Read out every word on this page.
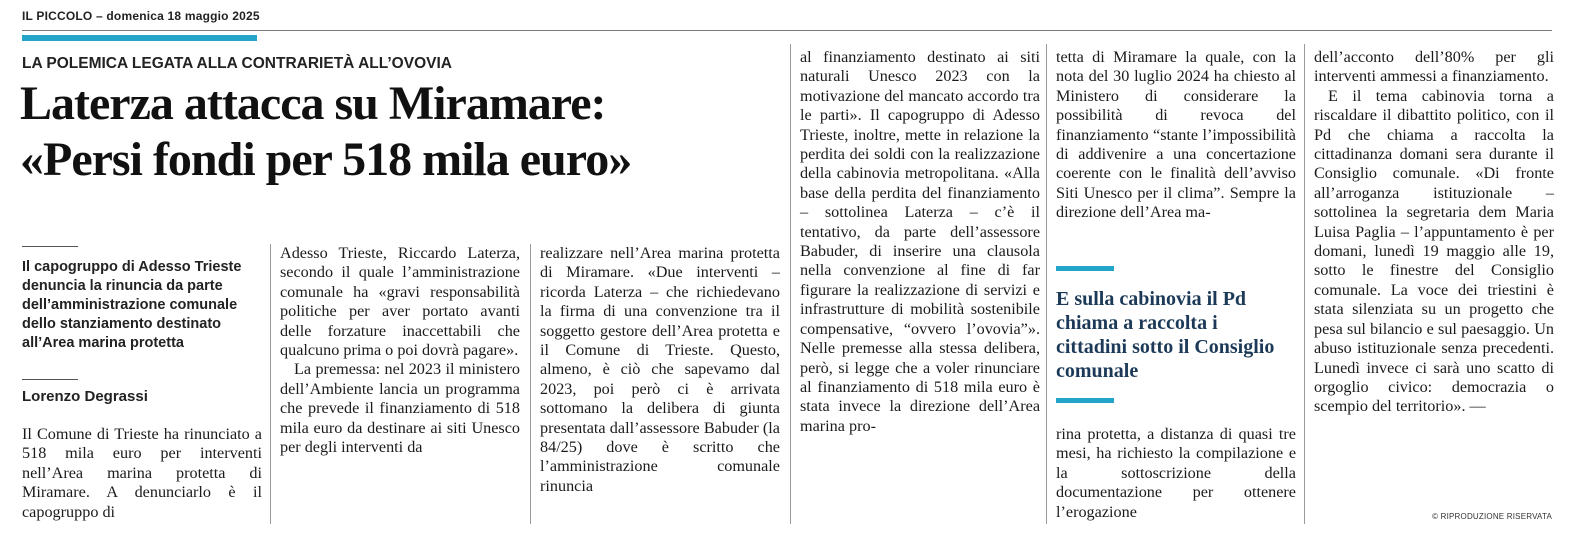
IL PICCOLO – domenica 18 maggio 2025
LA POLEMICA LEGATA ALLA CONTRARIETÀ ALL’OVOVIA
Laterza attacca su Miramare:
«Persi fondi per 518 mila euro»
Il capogruppo di Adesso Trieste denuncia la rinuncia da parte dell’amministrazione comunale dello stanziamento destinato all’Area marina protetta
Lorenzo Degrassi

Il Comune di Trieste ha rinunciato a 518 mila euro per interventi nell’Area marina protetta di Miramare. A denunciarlo è il capogruppo di

Adesso Trieste, Riccardo Laterza, secondo il quale l’amministrazione comunale ha «gravi responsabilità politiche per aver portato avanti delle forzature inaccettabili che qualcuno prima o poi dovrà pagare».

La premessa: nel 2023 il ministero dell’Ambiente lancia un programma che prevede il finanziamento di 518 mila euro da destinare ai siti Unesco per degli interventi da

realizzare nell’Area marina protetta di Miramare. «Due interventi – ricorda Laterza – che richiedevano la firma di una convenzione tra il soggetto gestore dell’Area protetta e il Comune di Trieste. Questo, almeno, è ciò che sapevamo dal 2023, poi però ci è arrivata sottomano la delibera di giunta presentata dall’assessore Babuder (la 84/25) dove è scritto che l’amministrazione comunale rinuncia

al finanziamento destinato ai siti naturali Unesco 2023 con la motivazione del mancato accordo tra le parti». Il capogruppo di Adesso Trieste, inoltre, mette in relazione la perdita dei soldi con la realizzazione della cabinovia metropolitana. «Alla base della perdita del finanziamento – sottolinea Laterza – c’è il tentativo, da parte dell’assessore Babuder, di inserire una clausola nella convenzione al fine di far figurare la realizzazione di servizi e infrastrutture di mobilità sostenibile compensative, “ovvero l’ovovia”». Nelle premesse alla stessa delibera, però, si legge che a voler rinunciare al finanziamento di 518 mila euro è stata invece la direzione dell’Area marina pro-

tetta di Miramare la quale, con la nota del 30 luglio 2024 ha chiesto al Ministero di considerare la possibilità di revoca del finanziamento “stante l’impossibilità di addivenire a una concertazione coerente con le finalità dell’avviso Siti Unesco per il clima”. Sempre la direzione dell’Area ma-

E sulla cabinovia il Pd chiama a raccolta i cittadini sotto il Consiglio comunale

rina protetta, a distanza di quasi tre mesi, ha richiesto la compilazione e la sottoscrizione della documentazione per ottenere l’erogazione

dell’acconto dell’80% per gli interventi ammessi a finanziamento.

E il tema cabinovia torna a riscaldare il dibattito politico, con il Pd che chiama a raccolta la cittadinanza domani sera durante il Consiglio comunale. «Di fronte all’arroganza istituzionale – sottolinea la segretaria dem Maria Luisa Paglia – l’appuntamento è per domani, lunedì 19 maggio alle 19, sotto le finestre del Consiglio comunale. La voce dei triestini è stata silenziata su un progetto che pesa sul bilancio e sul paesaggio. Un abuso istituzionale senza precedenti. Lunedì invece ci sarà uno scatto di orgoglio civico: democrazia o scempio del territorio». —

© RIPRODUZIONE RISERVATA
